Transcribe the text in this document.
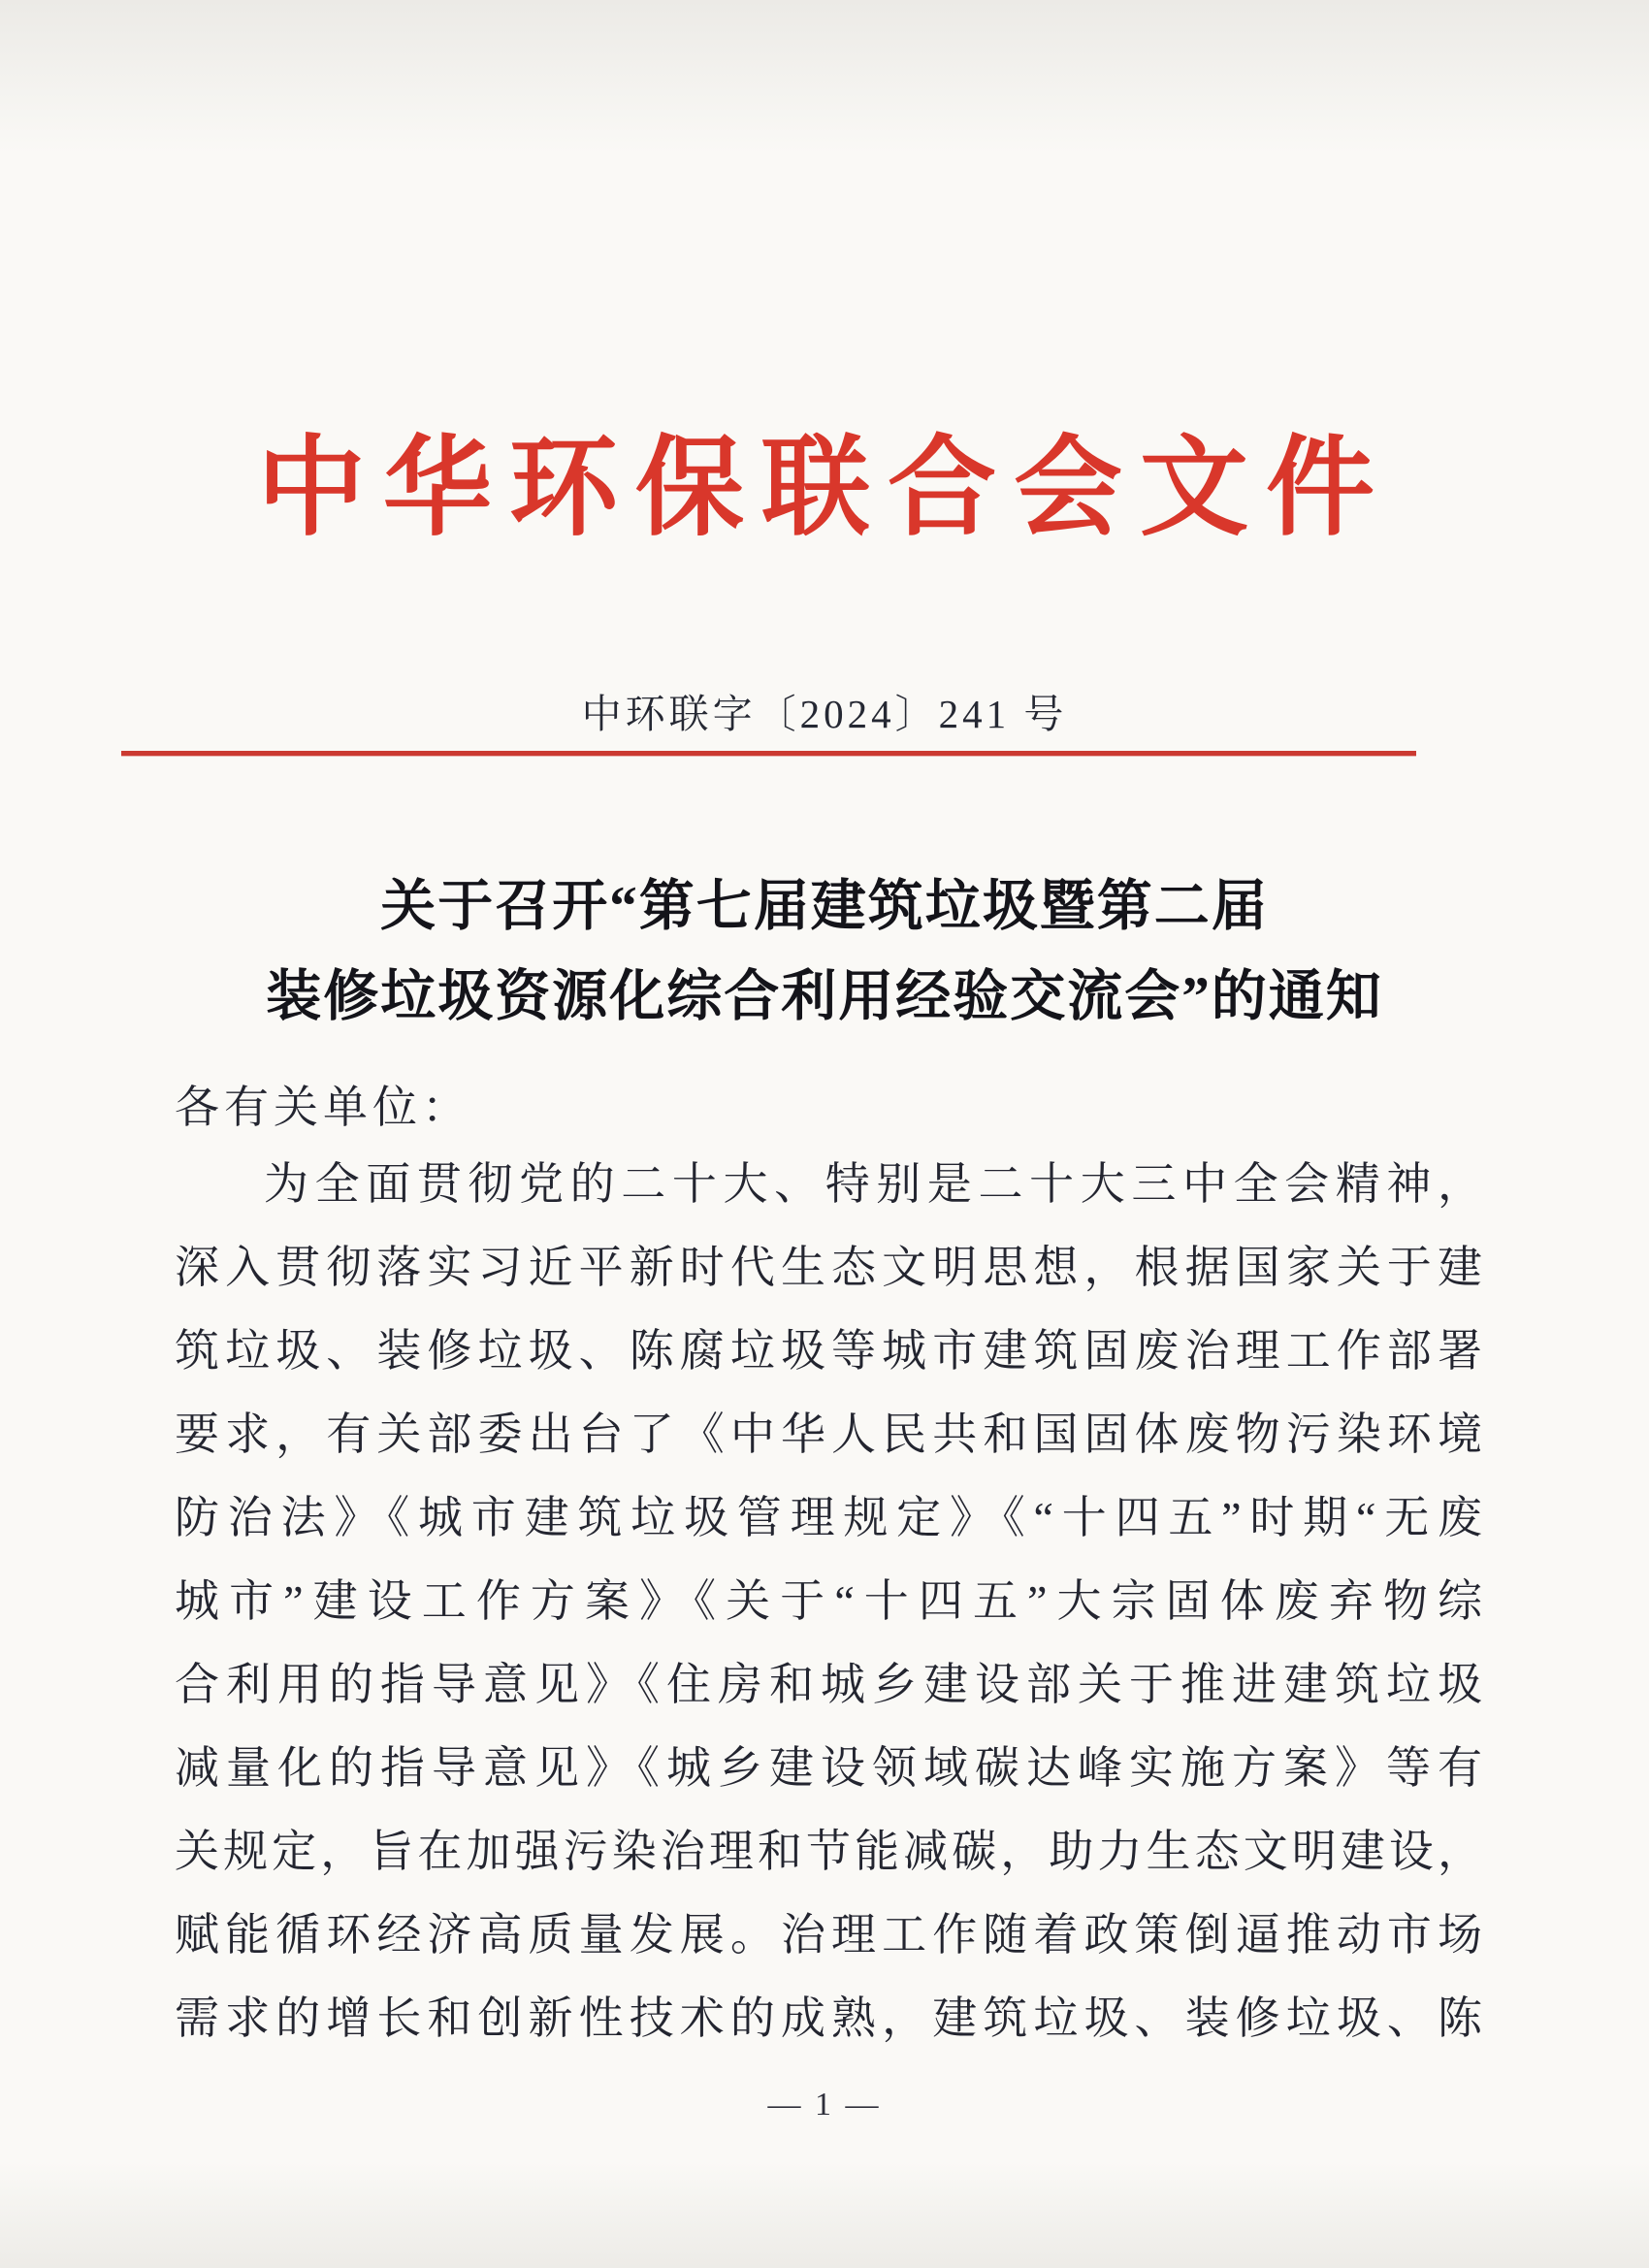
中华环保联合会文件
中环联字〔2024〕241 号
关于召开“第七届建筑垃圾暨第二届
装修垃圾资源化综合利用经验交流会”的通知
各有关单位：
为全面贯彻党的二十大、特别是二十大三中全会精神，
深入贯彻落实习近平新时代生态文明思想，根据国家关于建
筑垃圾、装修垃圾、陈腐垃圾等城市建筑固废治理工作部署
要求，有关部委出台了《中华人民共和国固体废物污染环境
防治法》《城市建筑垃圾管理规定》《“十四五”时期“无废
城市”建设工作方案》《关于“十四五”大宗固体废弃物综
合利用的指导意见》《住房和城乡建设部关于推进建筑垃圾
减量化的指导意见》《城乡建设领域碳达峰实施方案》等有
关规定，旨在加强污染治理和节能减碳，助力生态文明建设，
赋能循环经济高质量发展。治理工作随着政策倒逼推动市场
需求的增长和创新性技术的成熟，建筑垃圾、装修垃圾、陈
— 1 —
